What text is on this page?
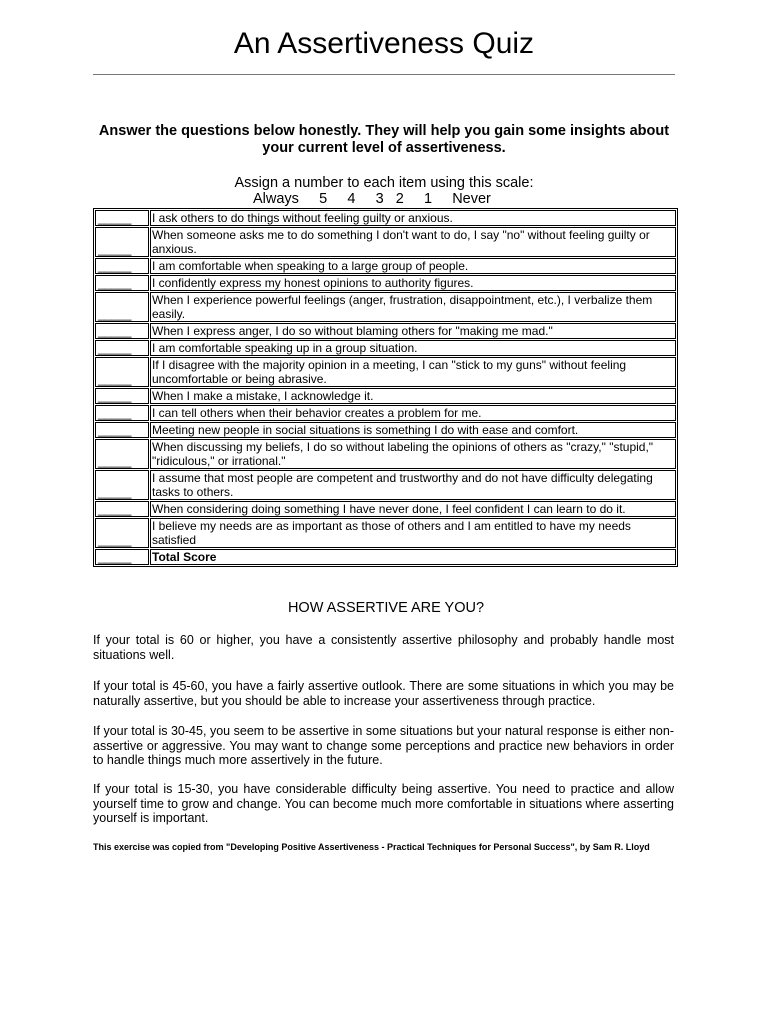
An Assertiveness Quiz
Answer the questions below honestly. They will help you gain some insights about your current level of assertiveness.
Assign a number to each item using this scale:
Always 5 4 3 2 1 Never
_____	I ask others to do things without feeling guilty or anxious.
_____	When someone asks me to do something I don't want to do, I say "no" without feeling guilty or anxious.
_____	I am comfortable when speaking to a large group of people.
_____	I confidently express my honest opinions to authority figures.
_____	When I experience powerful feelings (anger, frustration, disappointment, etc.), I verbalize them easily.
_____	When I express anger, I do so without blaming others for "making me mad."
_____	I am comfortable speaking up in a group situation.
_____	If I disagree with the majority opinion in a meeting, I can "stick to my guns" without feeling uncomfortable or being abrasive.
_____	When I make a mistake, I acknowledge it.
_____	I can tell others when their behavior creates a problem for me.
_____	Meeting new people in social situations is something I do with ease and comfort.
_____	When discussing my beliefs, I do so without labeling the opinions of others as "crazy," "stupid," "ridiculous," or irrational."
_____	I assume that most people are competent and trustworthy and do not have difficulty delegating tasks to others.
_____	When considering doing something I have never done, I feel confident I can learn to do it.
_____	I believe my needs are as important as those of others and I am entitled to have my needs satisfied
_____	Total Score
HOW ASSERTIVE ARE YOU?
If your total is 60 or higher, you have a consistently assertive philosophy and probably handle most situations well.
If your total is 45-60, you have a fairly assertive outlook. There are some situations in which you may be naturally assertive, but you should be able to increase your assertiveness through practice.
If your total is 30-45, you seem to be assertive in some situations but your natural response is either non-assertive or aggressive. You may want to change some perceptions and practice new behaviors in order to handle things much more assertively in the future.
If your total is 15-30, you have considerable difficulty being assertive. You need to practice and allow yourself time to grow and change. You can become much more comfortable in situations where asserting yourself is important.
This exercise was copied from "Developing Positive Assertiveness - Practical Techniques for Personal Success", by Sam R. Lloyd
